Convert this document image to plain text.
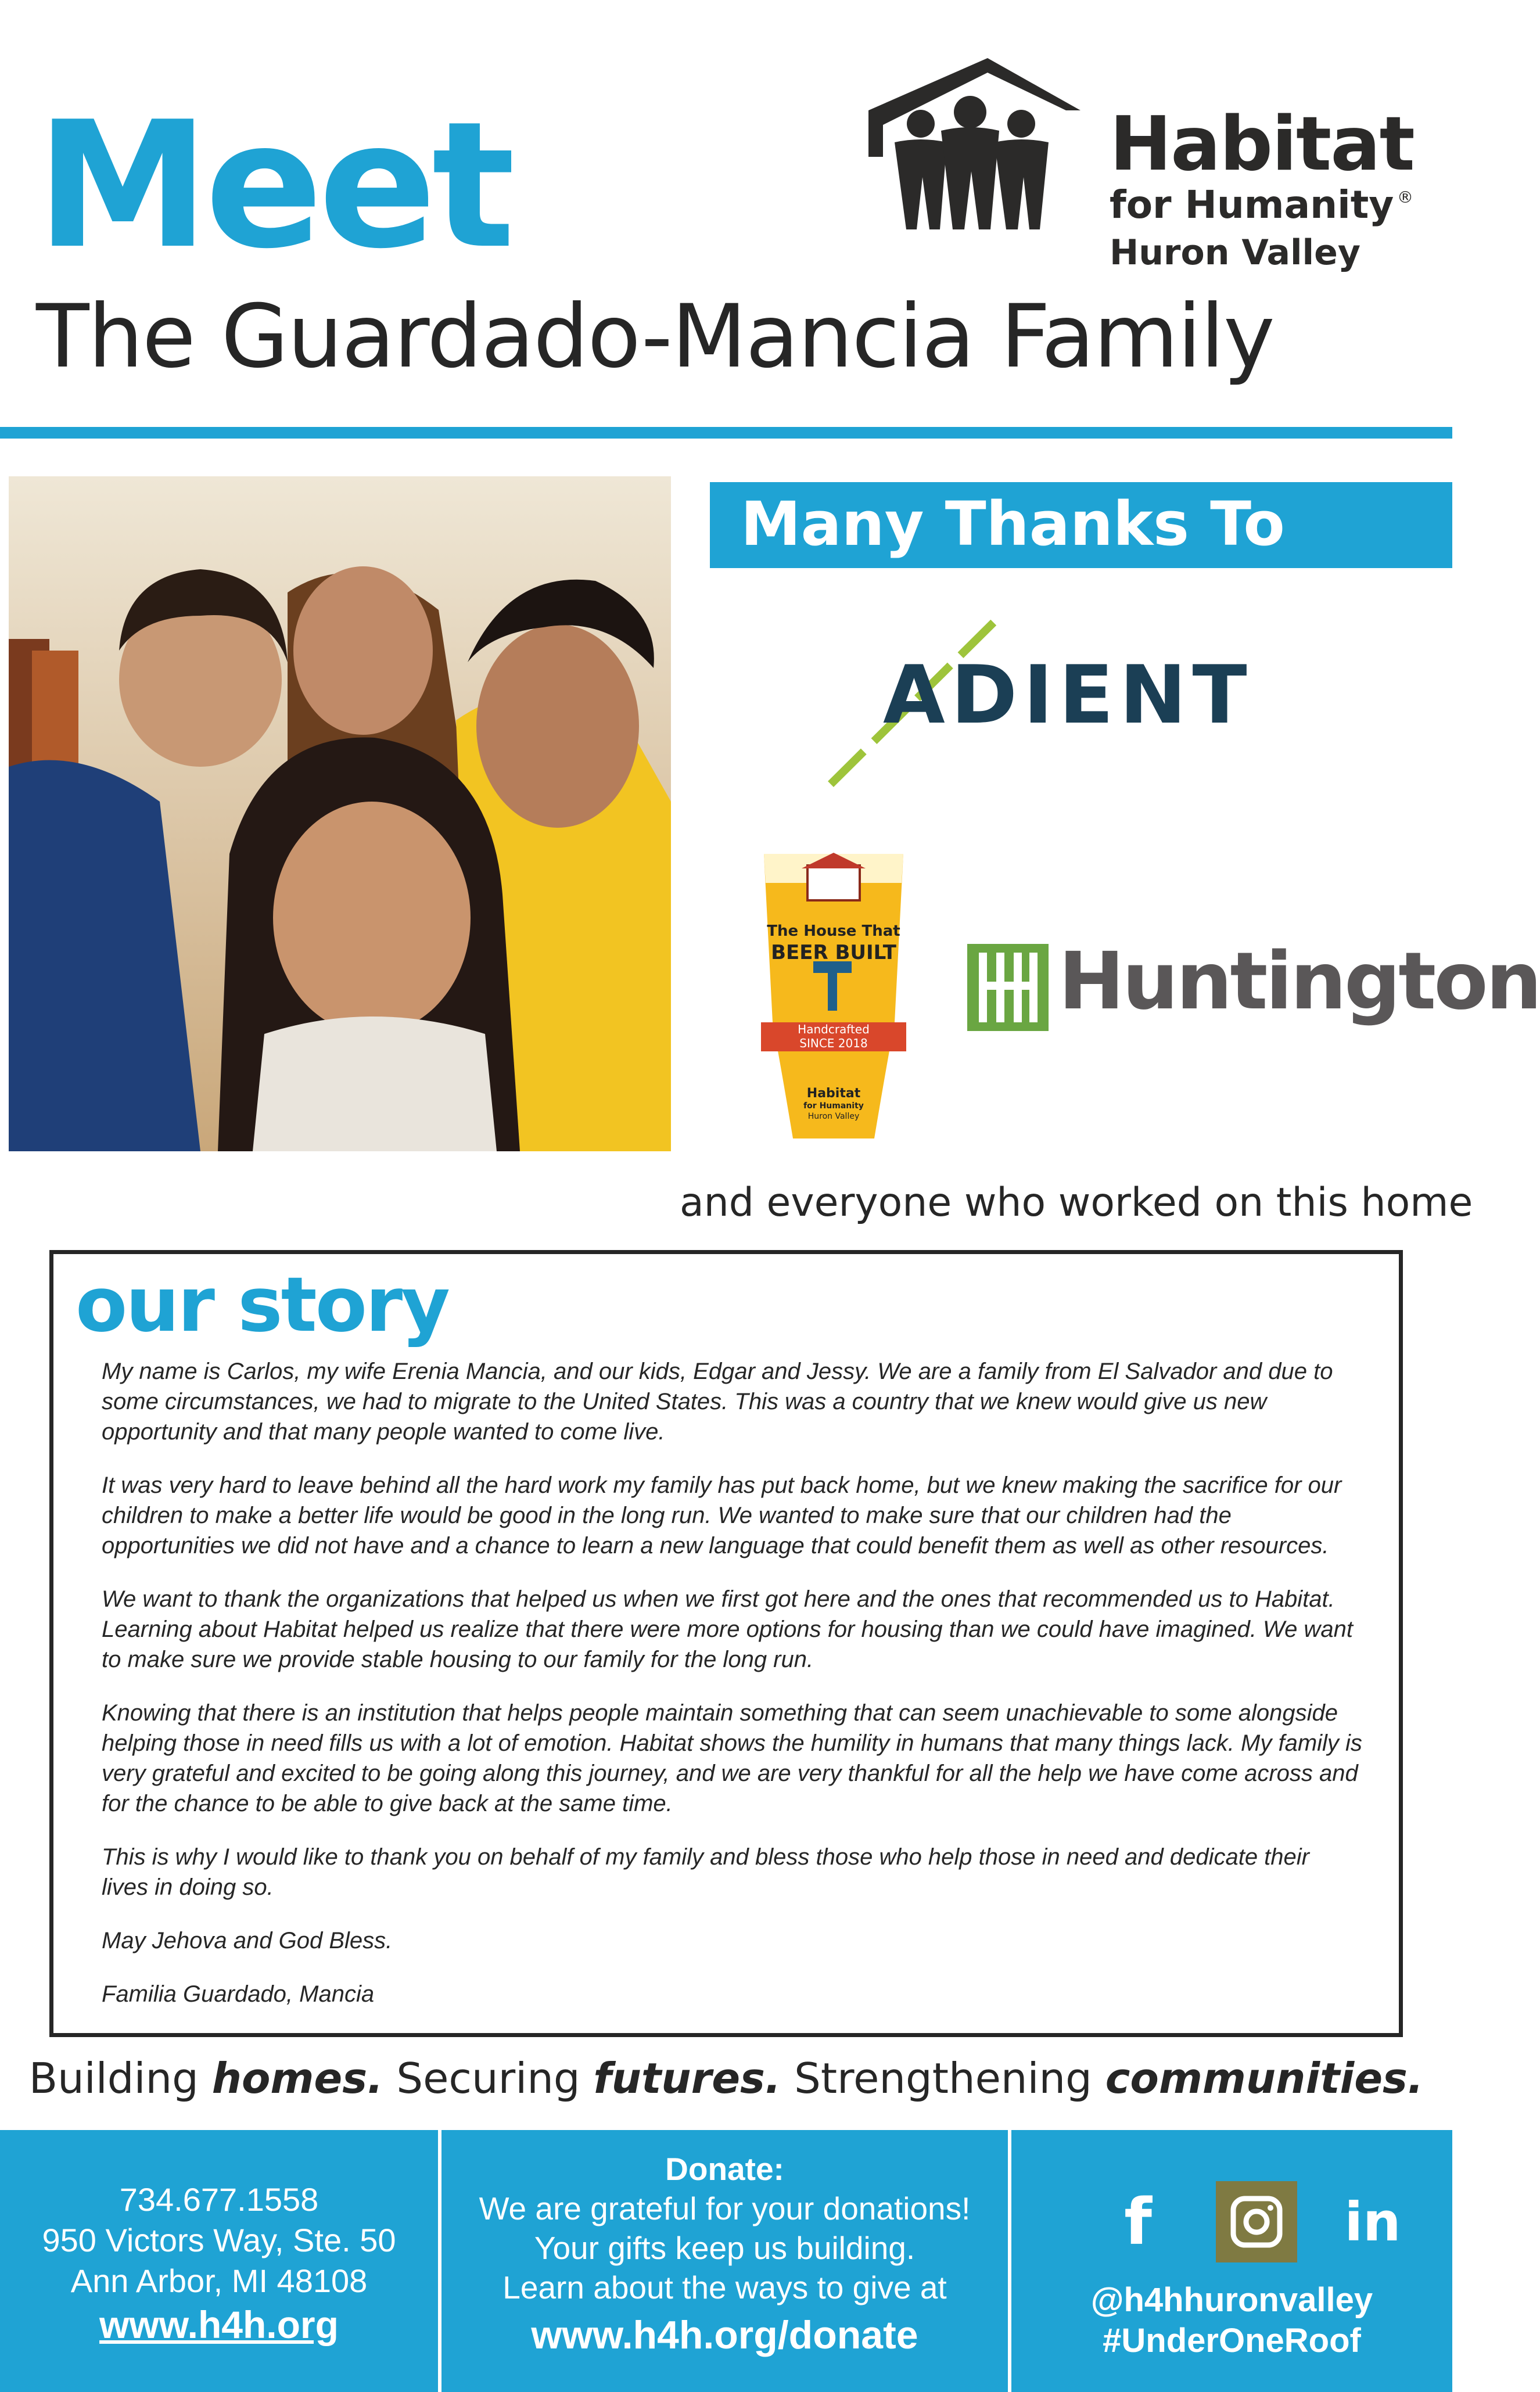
Meet
The Guardado-Mancia Family
Habitat
for Humanity ®
Huron Valley
Many Thanks To
ADIENT
The House That
BEER BUILT
Handcrafted
SINCE 2018
Habitat
for Humanity
Huron Valley
Huntington
and everyone who worked on this home
our story

My name is Carlos, my wife Erenia Mancia, and our kids, Edgar and Jessy. We are a family from El Salvador and due to some circumstances, we had to migrate to the United States. This was a country that we knew would give us new opportunity and that many people wanted to come live.

It was very hard to leave behind all the hard work my family has put back home, but we knew making the sacrifice for our children to make a better life would be good in the long run. We wanted to make sure that our children had the opportunities we did not have and a chance to learn a new language that could benefit them as well as other resources.

We want to thank the organizations that helped us when we first got here and the ones that recommended us to Habitat. Learning about Habitat helped us realize that there were more options for housing than we could have imagined. We want to make sure we provide stable housing to our family for the long run.

Knowing that there is an institution that helps people maintain something that can seem unachievable to some alongside helping those in need fills us with a lot of emotion. Habitat shows the humility in humans that many things lack. My family is very grateful and excited to be going along this journey, and we are very thankful for all the help we have come across and for the chance to be able to give back at the same time.

This is why I would like to thank you on behalf of my family and bless those who help those in need and dedicate their lives in doing so.

May Jehova and God Bless.

Familia Guardado, Mancia

Building homes. Securing futures. Strengthening communities.
734.677.1558
950 Victors Way, Ste. 50
Ann Arbor, MI 48108
www.h4h.org
Donate:
We are grateful for your donations!
Your gifts keep us building.
Learn about the ways to give at
www.h4h.org/donate
f	in
@h4hhuronvalley
#UnderOneRoof
